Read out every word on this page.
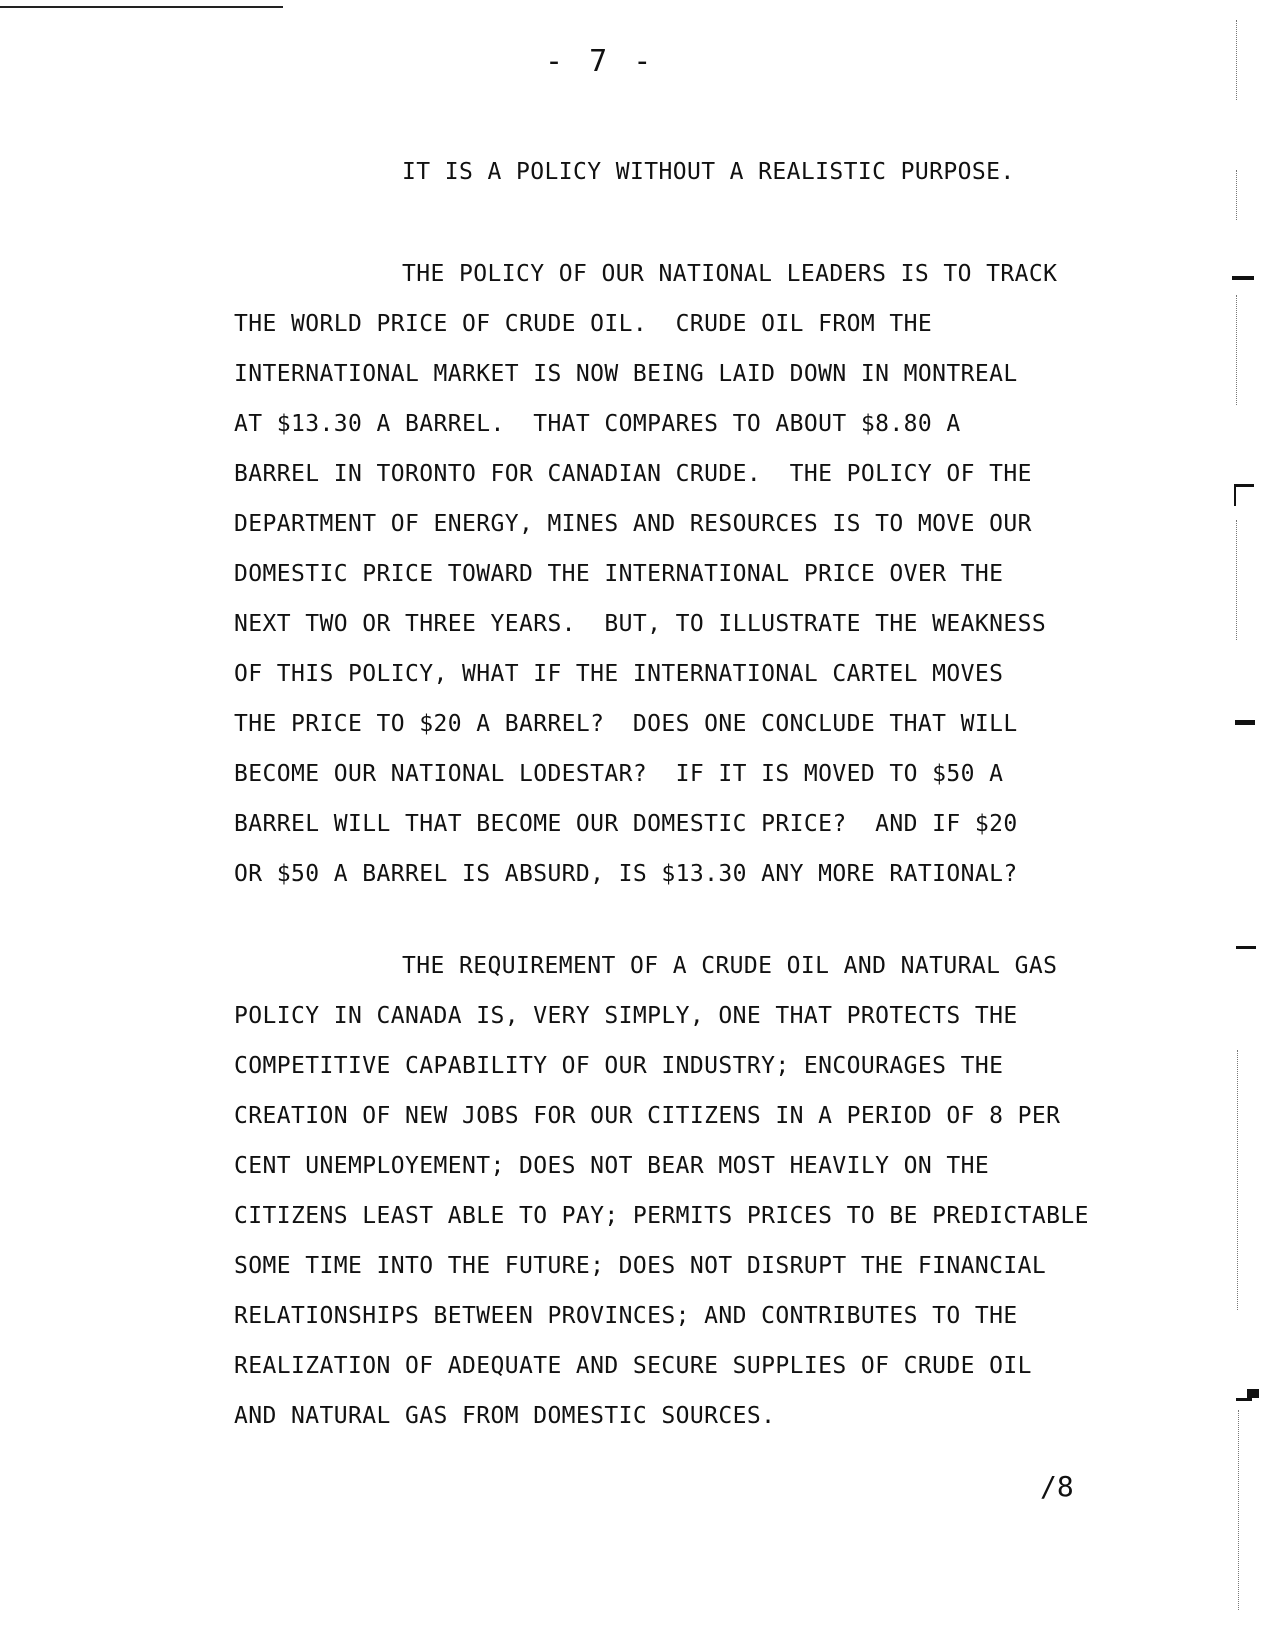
- 7 -
IT IS A POLICY WITHOUT A REALISTIC PURPOSE.
THE POLICY OF OUR NATIONAL LEADERS IS TO TRACK
THE WORLD PRICE OF CRUDE OIL.  CRUDE OIL FROM THE
INTERNATIONAL MARKET IS NOW BEING LAID DOWN IN MONTREAL
AT $13.30 A BARREL.  THAT COMPARES TO ABOUT $8.80 A
BARREL IN TORONTO FOR CANADIAN CRUDE.  THE POLICY OF THE
DEPARTMENT OF ENERGY, MINES AND RESOURCES IS TO MOVE OUR
DOMESTIC PRICE TOWARD THE INTERNATIONAL PRICE OVER THE
NEXT TWO OR THREE YEARS.  BUT, TO ILLUSTRATE THE WEAKNESS
OF THIS POLICY, WHAT IF THE INTERNATIONAL CARTEL MOVES
THE PRICE TO $20 A BARREL?  DOES ONE CONCLUDE THAT WILL
BECOME OUR NATIONAL LODESTAR?  IF IT IS MOVED TO $50 A
BARREL WILL THAT BECOME OUR DOMESTIC PRICE?  AND IF $20
OR $50 A BARREL IS ABSURD, IS $13.30 ANY MORE RATIONAL?
THE REQUIREMENT OF A CRUDE OIL AND NATURAL GAS
POLICY IN CANADA IS, VERY SIMPLY, ONE THAT PROTECTS THE
COMPETITIVE CAPABILITY OF OUR INDUSTRY; ENCOURAGES THE
CREATION OF NEW JOBS FOR OUR CITIZENS IN A PERIOD OF 8 PER
CENT UNEMPLOYEMENT; DOES NOT BEAR MOST HEAVILY ON THE
CITIZENS LEAST ABLE TO PAY; PERMITS PRICES TO BE PREDICTABLE
SOME TIME INTO THE FUTURE; DOES NOT DISRUPT THE FINANCIAL
RELATIONSHIPS BETWEEN PROVINCES; AND CONTRIBUTES TO THE
REALIZATION OF ADEQUATE AND SECURE SUPPLIES OF CRUDE OIL
AND NATURAL GAS FROM DOMESTIC SOURCES.
/8
